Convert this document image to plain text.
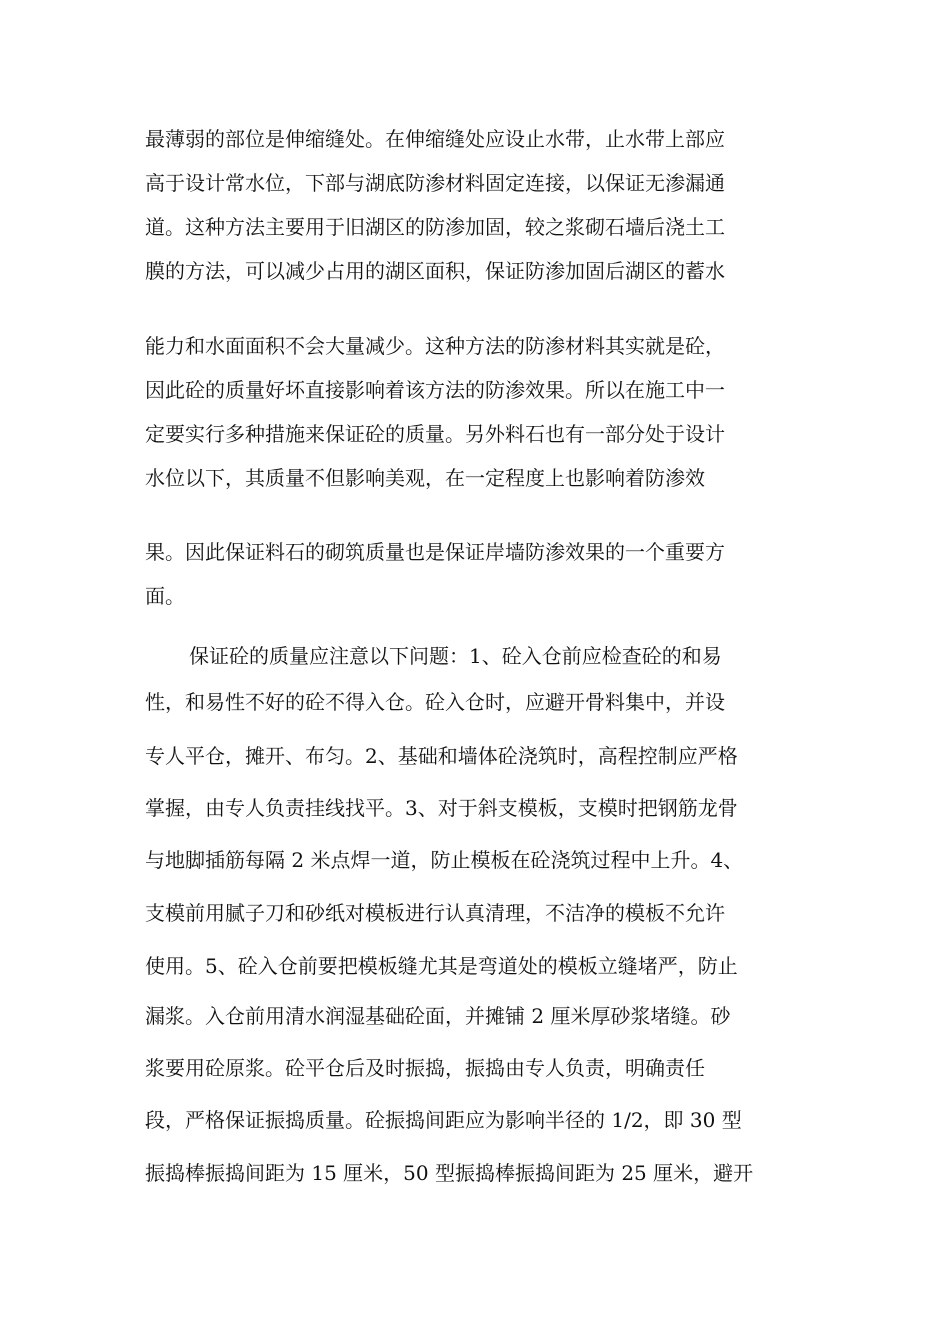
最薄弱的部位是伸缩缝处。在伸缩缝处应设止水带，止水带上部应
高于设计常水位，下部与湖底防渗材料固定连接，以保证无渗漏通
道。这种方法主要用于旧湖区的防渗加固，较之浆砌石墙后浇土工
膜的方法，可以减少占用的湖区面积，保证防渗加固后湖区的蓄水
能力和水面面积不会大量减少。这种方法的防渗材料其实就是砼，
因此砼的质量好坏直接影响着该方法的防渗效果。所以在施工中一
定要实行多种措施来保证砼的质量。另外料石也有一部分处于设计
水位以下，其质量不但影响美观，在一定程度上也影响着防渗效
果。因此保证料石的砌筑质量也是保证岸墙防渗效果的一个重要方
面。
保证砼的质量应注意以下问题：1、砼入仓前应检查砼的和易
性，和易性不好的砼不得入仓。砼入仓时，应避开骨料集中，并设
专人平仓，摊开、布匀。2、基础和墙体砼浇筑时，高程控制应严格
掌握，由专人负责挂线找平。3、对于斜支模板，支模时把钢筋龙骨
与地脚插筋每隔 2 米点焊一道，防止模板在砼浇筑过程中上升。4、
支模前用腻子刀和砂纸对模板进行认真清理，不洁净的模板不允许
使用。5、砼入仓前要把模板缝尤其是弯道处的模板立缝堵严，防止
漏浆。入仓前用清水润湿基础砼面，并摊铺 2 厘米厚砂浆堵缝。砂
浆要用砼原浆。砼平仓后及时振捣，振捣由专人负责，明确责任
段，严格保证振捣质量。砼振捣间距应为影响半径的 1/2，即 30 型
振捣棒振捣间距为 15 厘米，50 型振捣棒振捣间距为 25 厘米，避开
